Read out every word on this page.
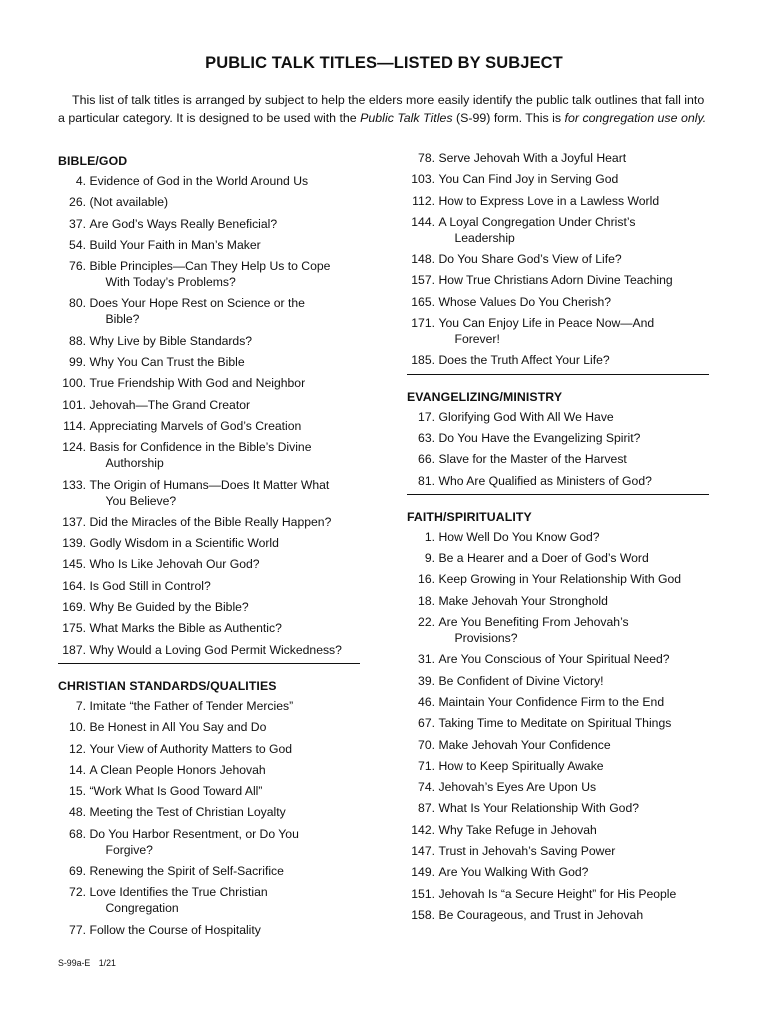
PUBLIC TALK TITLES—LISTED BY SUBJECT

This list of talk titles is arranged by subject to help the elders more easily identify the public talk outlines that fall into a particular category. It is designed to be used with the Public Talk Titles (S-99) form. This is for congregation use only.

BIBLE/GOD
4. Evidence of God in the World Around Us
26. (Not available)
37. Are God’s Ways Really Beneficial?
54. Build Your Faith in Man’s Maker
76. Bible Principles—Can They Help Us to Cope
With Today’s Problems?
80. Does Your Hope Rest on Science or the
Bible?
88. Why Live by Bible Standards?
99. Why You Can Trust the Bible
100. True Friendship With God and Neighbor
101. Jehovah—The Grand Creator
114. Appreciating Marvels of God’s Creation
124. Basis for Confidence in the Bible’s Divine
Authorship
133. The Origin of Humans—Does It Matter What
You Believe?
137. Did the Miracles of the Bible Really Happen?
139. Godly Wisdom in a Scientific World
145. Who Is Like Jehovah Our God?
164. Is God Still in Control?
169. Why Be Guided by the Bible?
175. What Marks the Bible as Authentic?
187. Why Would a Loving God Permit Wickedness?
CHRISTIAN STANDARDS/QUALITIES
7. Imitate “the Father of Tender Mercies”
10. Be Honest in All You Say and Do
12. Your View of Authority Matters to God
14. A Clean People Honors Jehovah
15. “Work What Is Good Toward All”
48. Meeting the Test of Christian Loyalty
68. Do You Harbor Resentment, or Do You
Forgive?
69. Renewing the Spirit of Self-Sacrifice
72. Love Identifies the True Christian
Congregation
77. Follow the Course of Hospitality
78. Serve Jehovah With a Joyful Heart
103. You Can Find Joy in Serving God
112. How to Express Love in a Lawless World
144. A Loyal Congregation Under Christ’s
Leadership
148. Do You Share God’s View of Life?
157. How True Christians Adorn Divine Teaching
165. Whose Values Do You Cherish?
171. You Can Enjoy Life in Peace Now—And
Forever!
185. Does the Truth Affect Your Life?
EVANGELIZING/MINISTRY
17. Glorifying God With All We Have
63. Do You Have the Evangelizing Spirit?
66. Slave for the Master of the Harvest
81. Who Are Qualified as Ministers of God?
FAITH/SPIRITUALITY
1. How Well Do You Know God?
9. Be a Hearer and a Doer of God’s Word
16. Keep Growing in Your Relationship With God
18. Make Jehovah Your Stronghold
22. Are You Benefiting From Jehovah’s
Provisions?
31. Are You Conscious of Your Spiritual Need?
39. Be Confident of Divine Victory!
46. Maintain Your Confidence Firm to the End
67. Taking Time to Meditate on Spiritual Things
70. Make Jehovah Your Confidence
71. How to Keep Spiritually Awake
74. Jehovah’s Eyes Are Upon Us
87. What Is Your Relationship With God?
142. Why Take Refuge in Jehovah
147. Trust in Jehovah’s Saving Power
149. Are You Walking With God?
151. Jehovah Is “a Secure Height” for His People
158. Be Courageous, and Trust in Jehovah
S-99a-E 1/21
